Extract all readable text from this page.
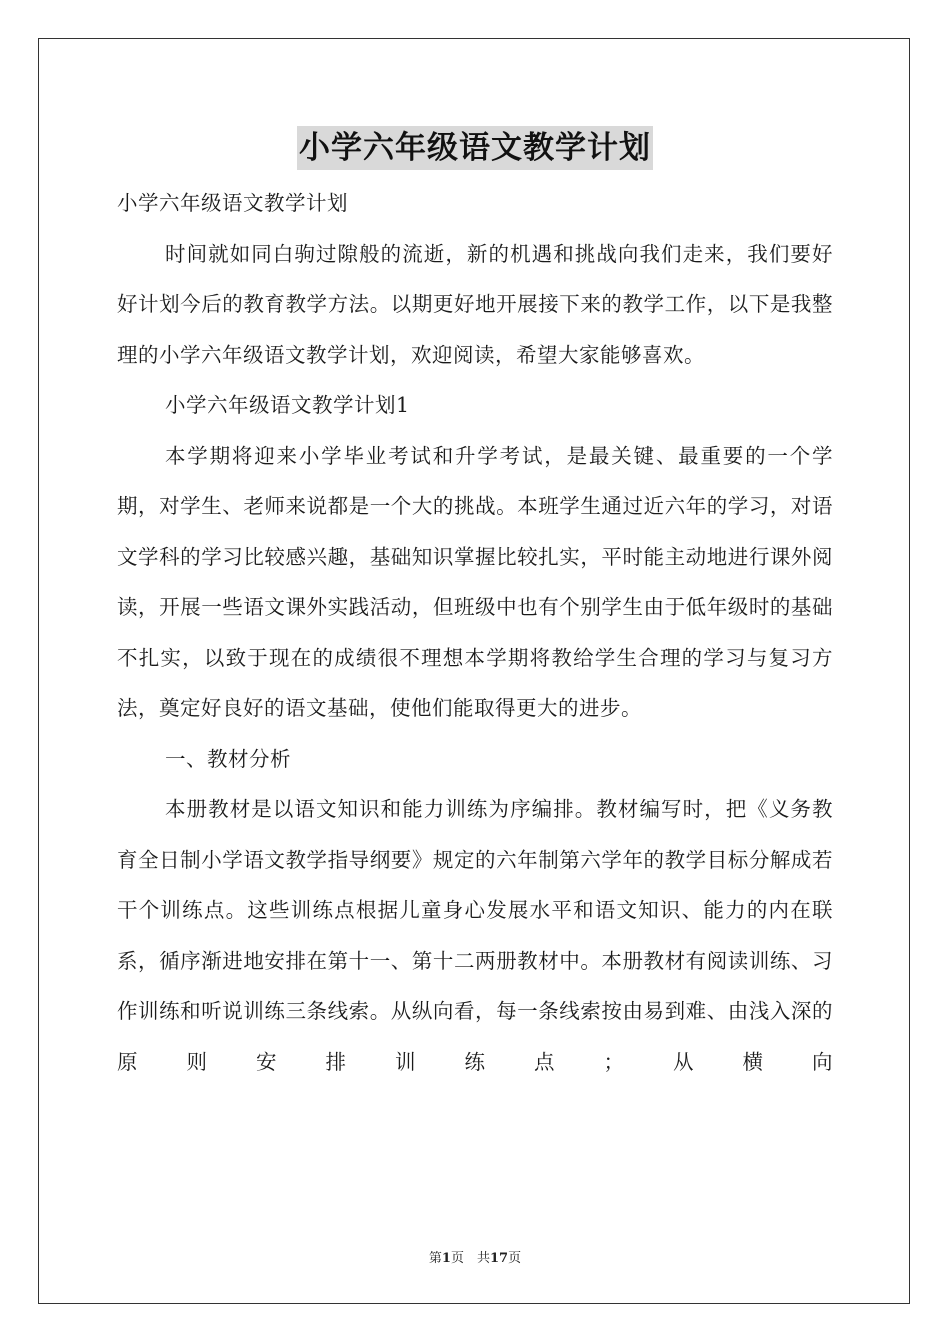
小学六年级语文教学计划

小学六年级语文教学计划

时间就如同白驹过隙般的流逝，新的机遇和挑战向我们走来，我们要好好计划今后的教育教学方法。以期更好地开展接下来的教学工作，以下是我整理的小学六年级语文教学计划，欢迎阅读，希望大家能够喜欢。

小学六年级语文教学计划1

本学期将迎来小学毕业考试和升学考试，是最关键、最重要的一个学期，对学生、老师来说都是一个大的挑战。本班学生通过近六年的学习，对语文学科的学习比较感兴趣，基础知识掌握比较扎实，平时能主动地进行课外阅读，开展一些语文课外实践活动，但班级中也有个别学生由于低年级时的基础不扎实，以致于现在的成绩很不理想本学期将教给学生合理的学习与复习方法，奠定好良好的语文基础，使他们能取得更大的进步。

一、教材分析

本册教材是以语文知识和能力训练为序编排。教材编写时，把《义务教育全日制小学语文教学指导纲要》规定的六年制第六学年的教学目标分解成若干个训练点。这些训练点根据儿童身心发展水平和语文知识、能力的内在联系，循序渐进地安排在第十一、第十二两册教材中。本册教材有阅读训练、习作训练和听说训练三条线索。从纵向看，每一条线索按由易到难、由浅入深的原则安排训练点；从横向

第1页　共17页
